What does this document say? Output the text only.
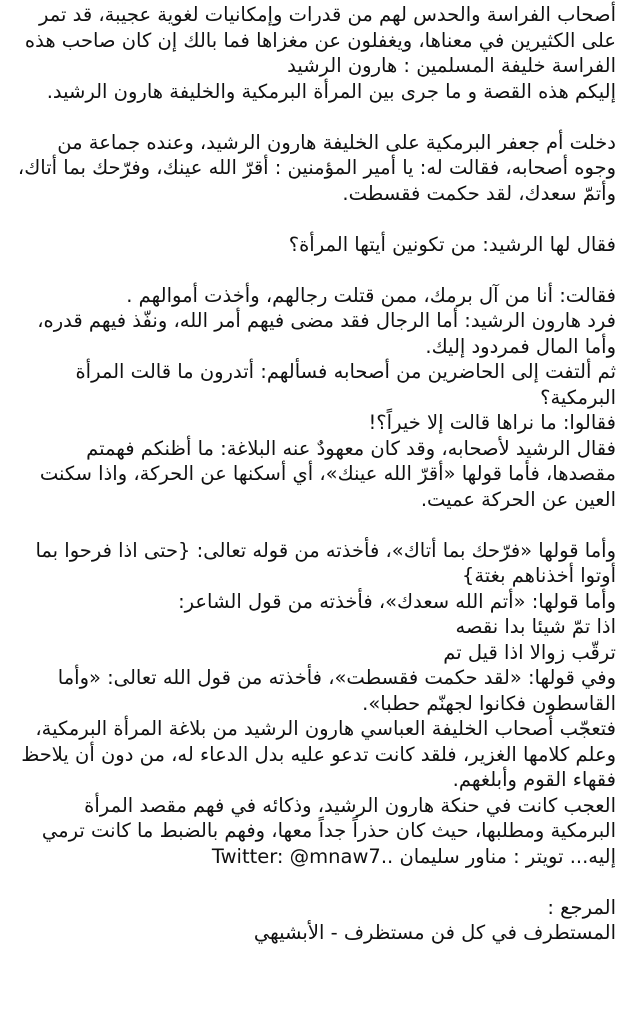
أصحاب الفراسة والحدس لهم من قدرات وإمكانيات لغوية عجيبة، قد تمر على الكثيرين في معناها، ويغفلون عن مغزاها فما بالك إن كان صاحب هذه الفراسة خليفة المسلمين : هارون الرشيد
إليكم هذه القصة و ما جرى بين المرأة البرمكية والخليفة هارون الرشيد.

دخلت أم جعفر البرمكية على الخليفة هارون الرشيد، وعنده جماعة من وجوه أصحابه، فقالت له: يا أمير المؤمنين : أقرّ الله عينك، وفرّحك بما أتاك، وأتمّ سعدك، لقد حكمت فقسطت.

فقال لها الرشيد: من تكونين أيتها المرأة؟

فقالت: أنا من آل برمك، ممن قتلت رجالهم، وأخذت أموالهم .
فرد هارون الرشيد: أما الرجال فقد مضى فيهم أمر الله، ونفّذ فيهم قدره، وأما المال فمردود إليك.
ثم ألتفت إلى الحاضرين من أصحابه فسألهم: أتدرون ما قالت المرأة البرمكية؟
فقالوا: ما نراها قالت إلا خيراً؟!
فقال الرشيد لأصحابه، وقد كان معهودٌ عنه البلاغة: ما أظنكم فهمتم مقصدها، فأما قولها «أقرّ الله عينك»، أي أسكنها عن الحركة، واذا سكنت العين عن الحركة عميت.

وأما قولها «فرّحك بما أتاك»، فأخذته من قوله تعالى: {حتى اذا فرحوا بما أوتوا أخذناهم بغتة}
وأما قولها: «أتم الله سعدك»، فأخذته من قول الشاعر:
اذا تمّ شيئا بدا نقصه
ترقّب زوالا اذا قيل تم
وفي قولها: «لقد حكمت فقسطت»، فأخذته من قول الله تعالى: «وأما القاسطون فكانوا لجهنّم حطبا».
فتعجّب أصحاب الخليفة العباسي هارون الرشيد من بلاغة المرأة البرمكية، وعلم كلامها الغزير، فلقد كانت تدعو عليه بدل الدعاء له، من دون أن يلاحظ فقهاء القوم وأبلغهم.
العجب كانت في حنكة هارون الرشيد، وذكائه في فهم مقصد المرأة البرمكية ومطلبها، حيث كان حذراً جداً معها، وفهم بالضبط ما كانت ترمي إليه... تويتر : مناور سليمان ..Twitter: @mnaw7

المرجع :

المستطرف في كل فن مستظرف - الأبشيهي
